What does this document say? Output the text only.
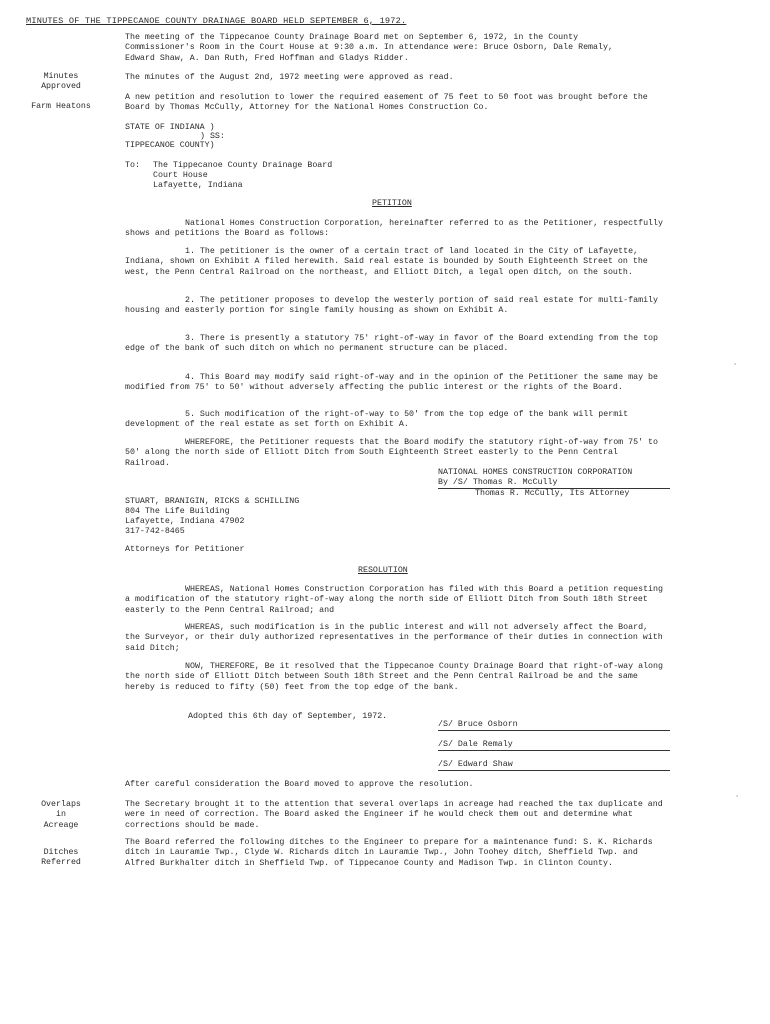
MINUTES OF THE TIPPECANOE COUNTY DRAINAGE BOARD HELD SEPTEMBER 6, 1972.
The meeting of the Tippecanoe County Drainage Board met on September 6, 1972, in the County Commissioner's Room in the Court House at 9:30 a.m. In attendance were: Bruce Osborn, Dale Remaly, Edward Shaw, A. Dan Ruth, Fred Hoffman and Gladys Ridder.
Minutes
Approved
The minutes of the August 2nd, 1972 meeting were approved as read.
Farm Heatons
A new petition and resolution to lower the required easement of 75 feet to 50 foot was brought before the Board by Thomas McCully, Attorney for the National Homes Construction Co.
STATE OF INDIANA )
) SS:
TIPPECANOE COUNTY)
To: The Tippecanoe County Drainage Board
Court House
Lafayette, Indiana
PETITION
National Homes Construction Corporation, hereinafter referred to as the Petitioner, respectfully shows and petitions the Board as follows:
1. The petitioner is the owner of a certain tract of land located in the City of Lafayette, Indiana, shown on Exhibit A filed herewith. Said real estate is bounded by South Eighteenth Street on the west, the Penn Central Railroad on the northeast, and Elliott Ditch, a legal open ditch, on the south.
2. The petitioner proposes to develop the westerly portion of said real estate for multi-family housing and easterly portion for single family housing as shown on Exhibit A.
3. There is presently a statutory 75' right-of-way in favor of the Board extending from the top edge of the bank of such ditch on which no permanent structure can be placed.
4. This Board may modify said right-of-way and in the opinion of the Petitioner the same may be modified from 75' to 50' without adversely affecting the public interest or the rights of the Board.
5. Such modification of the right-of-way to 50' from the top edge of the bank will permit development of the real estate as set forth on Exhibit A.
WHEREFORE, the Petitioner requests that the Board modify the statutory right-of-way from 75' to 50' along the north side of Elliott Ditch from South Eighteenth Street easterly to the Penn Central Railroad.
NATIONAL HOMES CONSTRUCTION CORPORATION
By /S/ Thomas R. McCully
Thomas R. McCully, Its Attorney
STUART, BRANIGIN, RICKS & SCHILLING
804 The Life Building
Lafayette, Indiana 47902
317-742-8465
Attorneys for Petitioner
RESOLUTION
WHEREAS, National Homes Construction Corporation has filed with this Board a petition requesting a modification of the statutory right-of-way along the north side of Elliott Ditch from South 18th Street easterly to the Penn Central Railroad; and
WHEREAS, such modification is in the public interest and will not adversely affect the Board, the Surveyor, or their duly authorized representatives in the performance of their duties in connection with said Ditch;
NOW, THEREFORE, Be it resolved that the Tippecanoe County Drainage Board that right-of-way along the north side of Elliott Ditch between South 18th Street and the Penn Central Railroad be and the same hereby is reduced to fifty (50) feet from the top edge of the bank.
Adopted this 6th day of September, 1972.
/S/ Bruce Osborn
/S/ Dale Remaly
/S/ Edward Shaw
After careful consideration the Board moved to approve the resolution.
Overlaps
in
Acreage
The Secretary brought it to the attention that several overlaps in acreage had reached the tax duplicate and were in need of correction. The Board asked the Engineer if he would check them out and determine what corrections should be made.
Ditches
Referred
The Board referred the following ditches to the Engineer to prepare for a maintenance fund: S. K. Richards ditch in Lauramie Twp., Clyde W. Richards ditch in Lauramie Twp., John Toohey ditch, Sheffield Twp. and Alfred Burkhalter ditch in Sheffield Twp. of Tippecanoe County and Madison Twp. in Clinton County.
·
·
